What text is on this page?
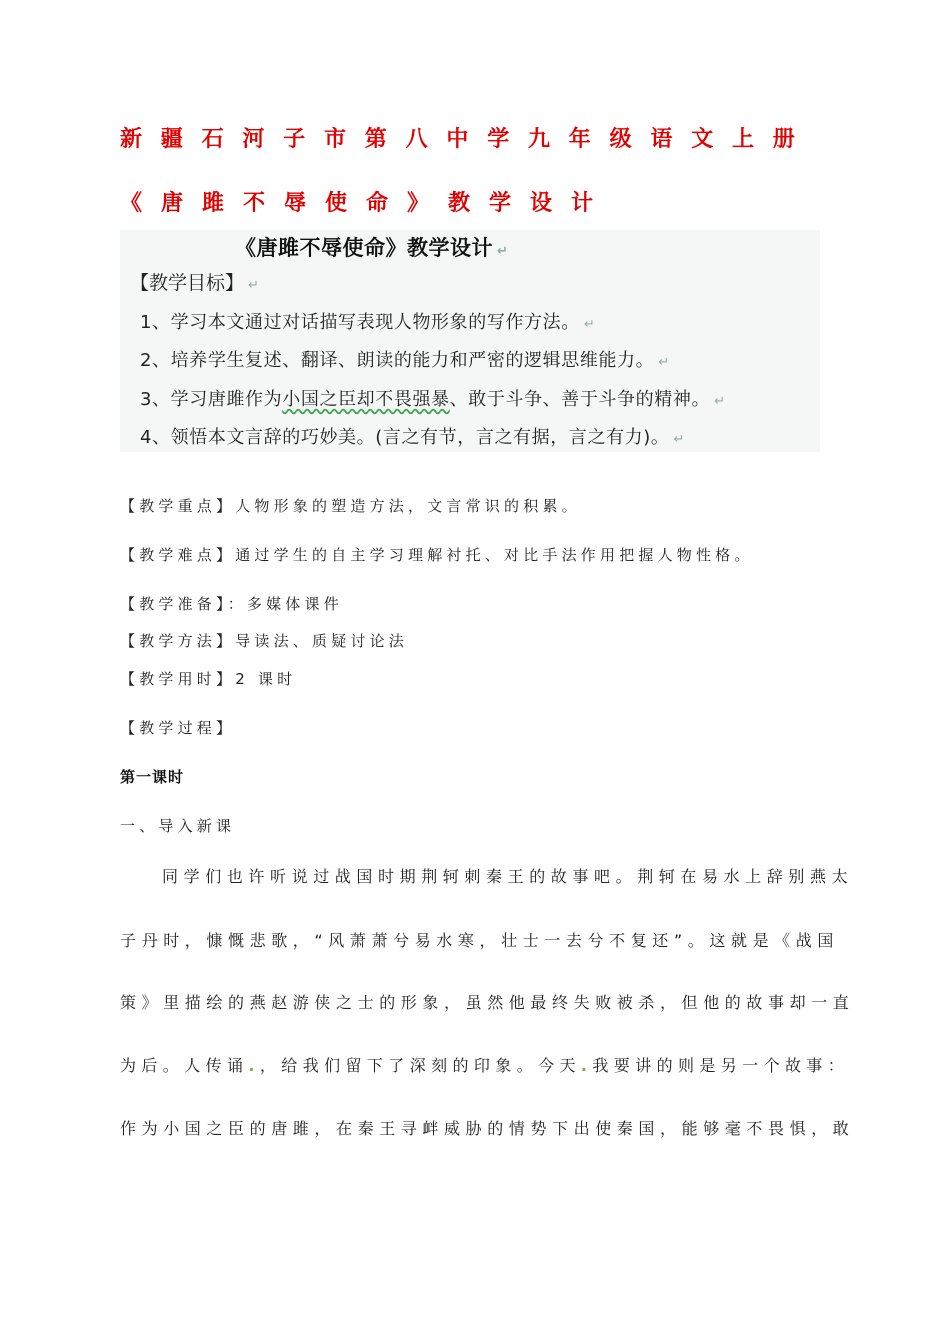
新疆石河子市第八中学九年级语文上册
《唐雎不辱使命》教学设计
《唐雎不辱使命》教学设计 ↵
【教学目标】 ↵
1、学习本文通过对话描写表现人物形象的写作方法。 ↵
2、培养学生复述、翻译、朗读的能力和严密的逻辑思维能力。 ↵
3、学习唐雎作为小国之臣却不畏强暴、敢于斗争、善于斗争的精神。 ↵
4、领悟本文言辞的巧妙美。(言之有节，言之有据，言之有力)。 ↵
【教学重点】人物形象的塑造方法，文言常识的积累。
【教学难点】通过学生的自主学习理解衬托、对比手法作用把握人物性格。
【教学准备】：多媒体课件
【教学方法】导读法、质疑讨论法
【教学用时】2 课时
【教学过程】
第一课时
一、导入新课
同学们也许听说过战国时期荆轲刺秦王的故事吧。荆轲在易水上辞别燕太
子丹时，慷慨悲歌，“风萧萧兮易水寒，壮士一去兮不复还”。这就是《战国
策》里描绘的燕赵游侠之士的形象，虽然他最终失败被杀，但他的故事却一直
为后。人传诵.，给我们留下了深刻的印象。今天.我要讲的则是另一个故事：
作为小国之臣的唐雎，在秦王寻衅威胁的情势下出使秦国，能够毫不畏惧，敢
